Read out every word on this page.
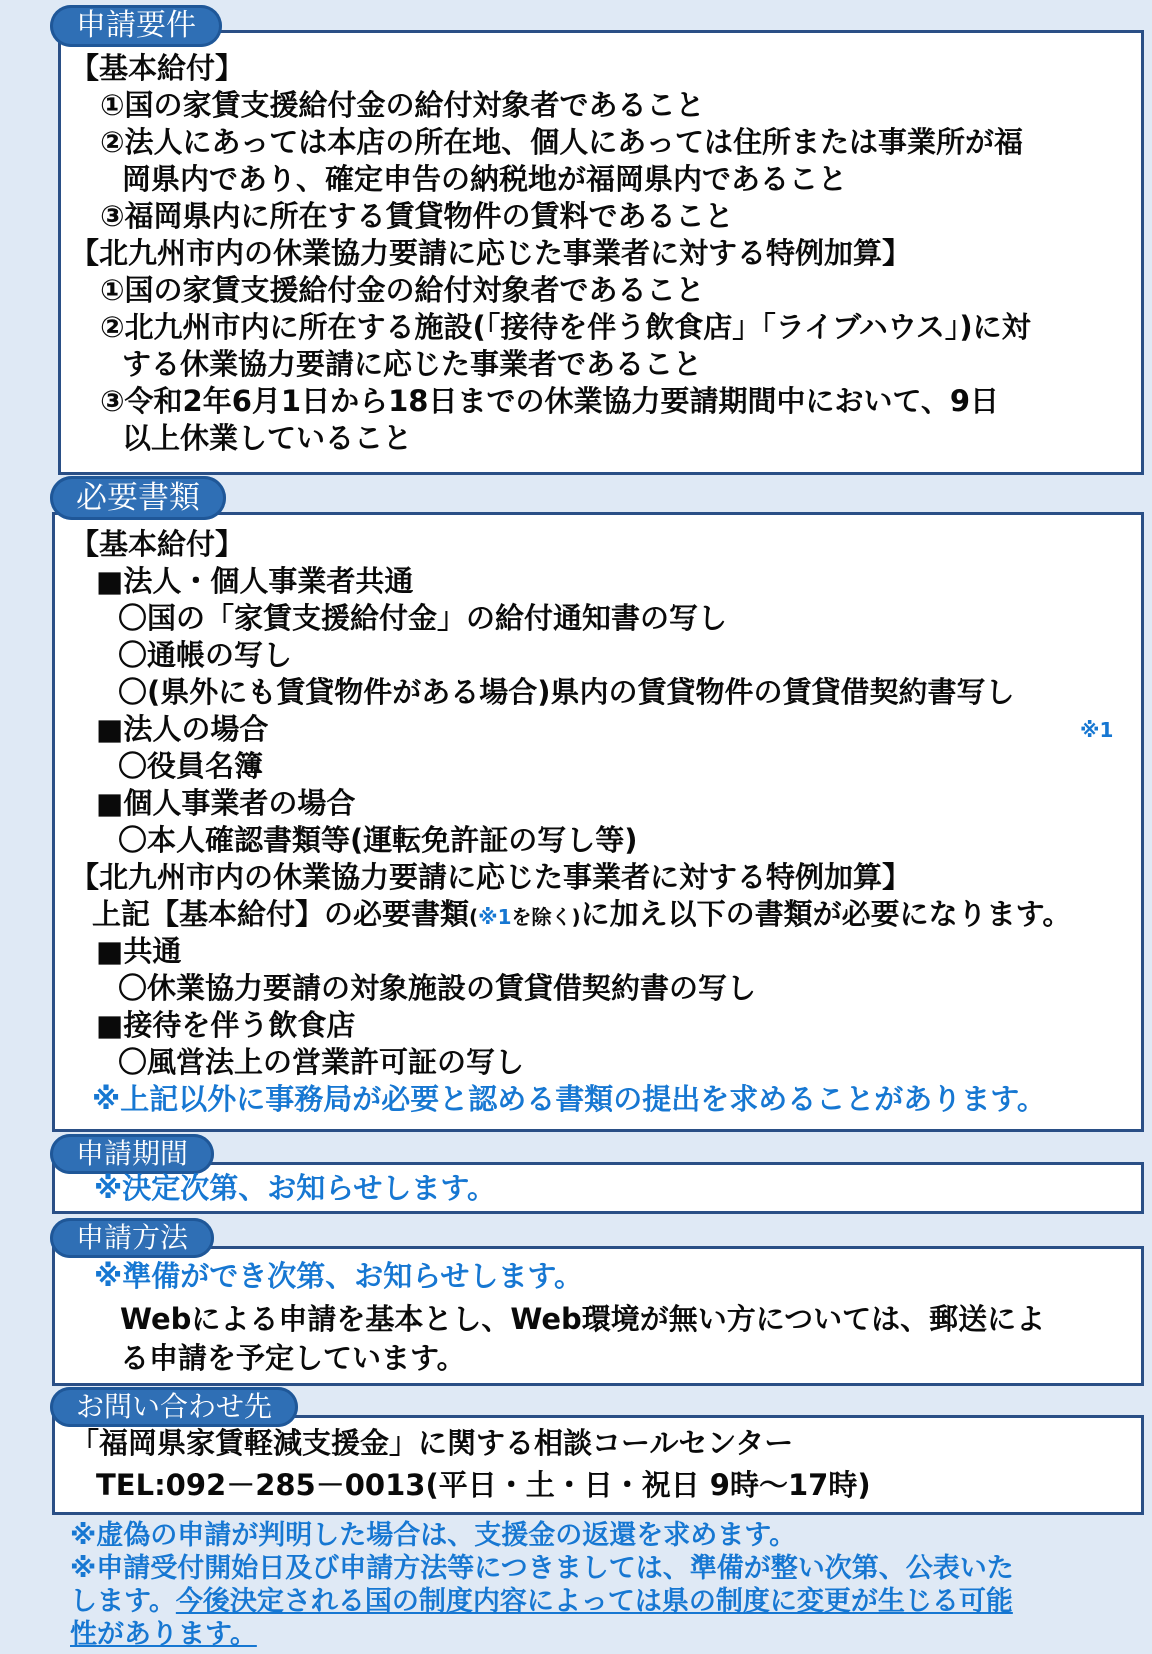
申請要件
【基本給付】
①国の家賃支援給付金の給付対象者であること
②法人にあっては本店の所在地、個人にあっては住所または事業所が福
岡県内であり、確定申告の納税地が福岡県内であること
③福岡県内に所在する賃貸物件の賃料であること
【北九州市内の休業協力要請に応じた事業者に対する特例加算】
①国の家賃支援給付金の給付対象者であること
②北九州市内に所在する施設(「接待を伴う飲食店」「ライブハウス」)に対
する休業協力要請に応じた事業者であること
③令和2年6月1日から18日までの休業協力要請期間中において、9日
以上休業していること
必要書類
【基本給付】
■法人・個人事業者共通
〇国の「家賃支援給付金」の給付通知書の写し
〇通帳の写し
〇(県外にも賃貸物件がある場合)県内の賃貸物件の賃貸借契約書写し
■法人の場合	※1
〇役員名簿
■個人事業者の場合
〇本人確認書類等(運転免許証の写し等)
【北九州市内の休業協力要請に応じた事業者に対する特例加算】
上記【基本給付】の必要書類(※1を除く)に加え以下の書類が必要になります。
■共通
〇休業協力要請の対象施設の賃貸借契約書の写し
■接待を伴う飲食店
〇風営法上の営業許可証の写し
※上記以外に事務局が必要と認める書類の提出を求めることがあります。
申請期間
※決定次第、お知らせします。
申請方法
※準備ができ次第、お知らせします。
Webによる申請を基本とし、Web環境が無い方については、郵送によ
る申請を予定しています。
お問い合わせ先
「福岡県家賃軽減支援金」に関する相談コールセンター
TEL:092－285－0013(平日・土・日・祝日 9時～17時)
※虚偽の申請が判明した場合は、支援金の返還を求めます。
※申請受付開始日及び申請方法等につきましては、準備が整い次第、公表いた
します。今後決定される国の制度内容によっては県の制度に変更が生じる可能
性があります。
